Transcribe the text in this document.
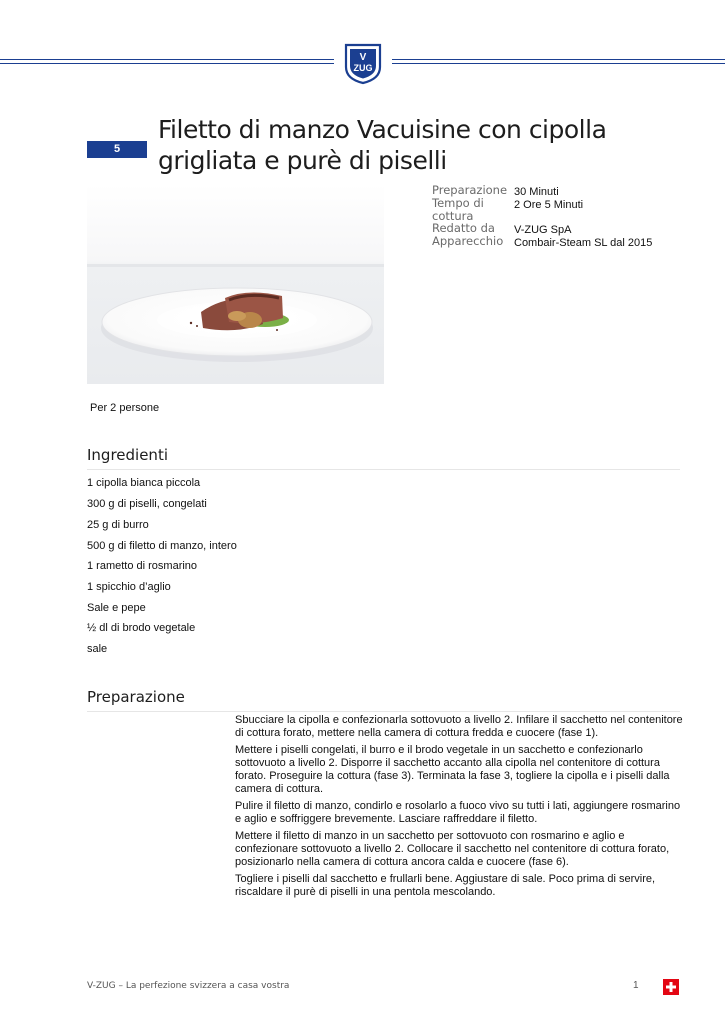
V
ZUG
5
Filetto di manzo Vacuisine con cipolla
grigliata e purè di piselli
Preparazione 30 Minuti
Tempo di
cottura
2 Ore 5 Minuti
Redatto da V-ZUG SpA
Apparecchio Combair-Steam SL dal 2015
Per 2 persone
Ingredienti
1 cipolla bianca piccola
300 g di piselli, congelati
25 g di burro
500 g di filetto di manzo, intero
1 rametto di rosmarino
1 spicchio d’aglio
Sale e pepe
½ dl di brodo vegetale
sale
Preparazione

Sbucciare la cipolla e confezionarla sottovuoto a livello 2. Infilare il sacchetto nel contenitore di cottura forato, mettere nella camera di cottura fredda e cuocere (fase 1).

Mettere i piselli congelati, il burro e il brodo vegetale in un sacchetto e confezionarlo sottovuoto a livello 2. Disporre il sacchetto accanto alla cipolla nel contenitore di cottura forato. Proseguire la cottura (fase 3). Terminata la fase 3, togliere la cipolla e i piselli dalla camera di cottura.

Pulire il filetto di manzo, condirlo e rosolarlo a fuoco vivo su tutti i lati, aggiungere rosmarino e aglio e soffriggere brevemente. Lasciare raffreddare il filetto.

Mettere il filetto di manzo in un sacchetto per sottovuoto con rosmarino e aglio e confezionare sottovuoto a livello 2. Collocare il sacchetto nel contenitore di cottura forato, posizionarlo nella camera di cottura ancora calda e cuocere (fase 6).

Togliere i piselli dal sacchetto e frullarli bene. Aggiustare di sale. Poco prima di servire, riscaldare il purè di piselli in una pentola mescolando.

V-ZUG – La perfezione svizzera a casa vostra	1
